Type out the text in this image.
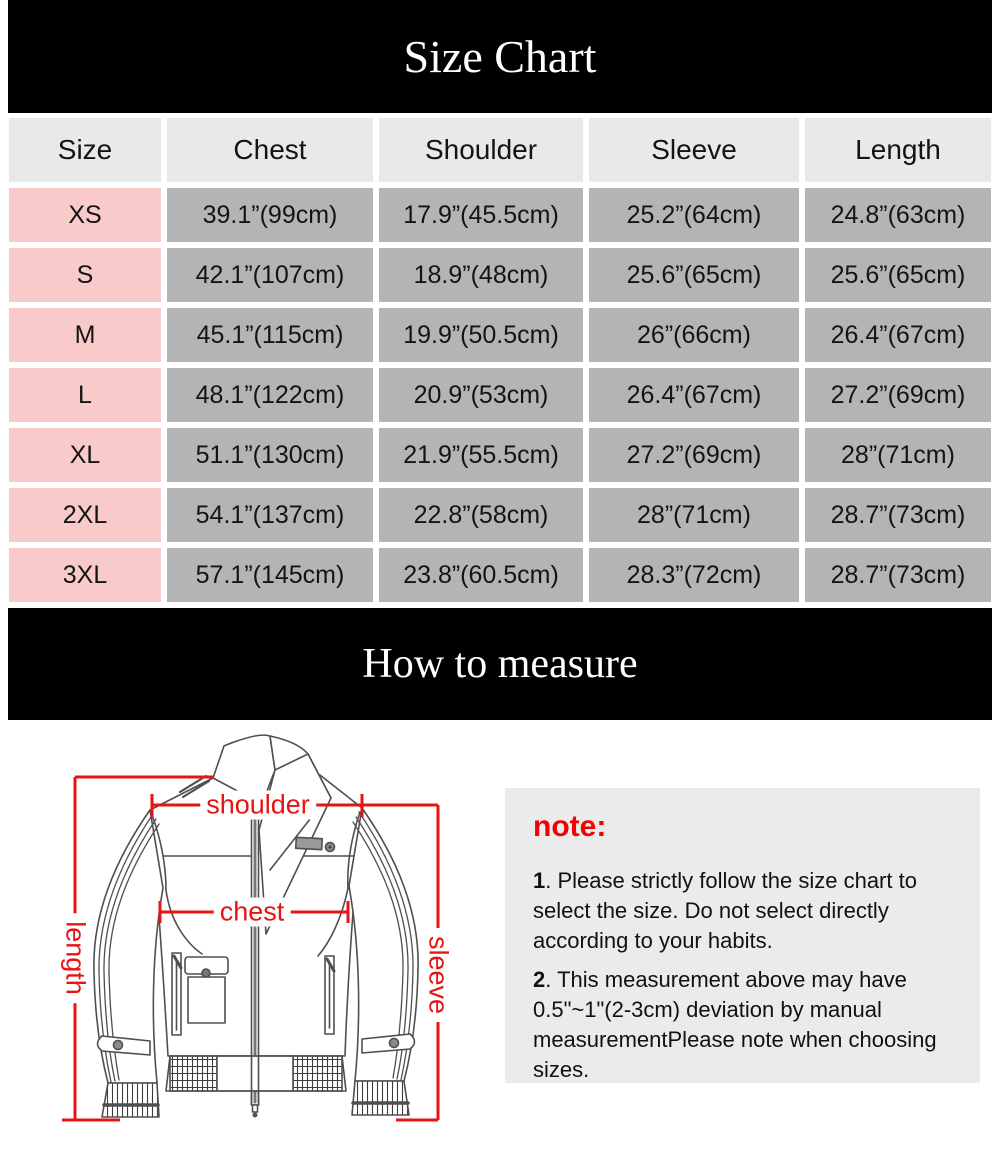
Size Chart
Size	Chest	Shoulder	Sleeve	Length
XS	39.1”(99cm)	17.9”(45.5cm)	25.2”(64cm)	24.8”(63cm)
S	42.1”(107cm)	18.9”(48cm)	25.6”(65cm)	25.6”(65cm)
M	45.1”(115cm)	19.9”(50.5cm)	26”(66cm)	26.4”(67cm)
L	48.1”(122cm)	20.9”(53cm)	26.4”(67cm)	27.2”(69cm)
XL	51.1”(130cm)	21.9”(55.5cm)	27.2”(69cm)	28”(71cm)
2XL	54.1”(137cm)	22.8”(58cm)	28”(71cm)	28.7”(73cm)
3XL	57.1”(145cm)	23.8”(60.5cm)	28.3”(72cm)	28.7”(73cm)
How to measure
shoulder
chest
length	sleeve

note:

1. Please strictly follow the size chart to select the size. Do not select directly according to your habits.

2. This measurement above may have 0.5"~1"(2-3cm) deviation by manual measurementPlease note when choosing sizes.
